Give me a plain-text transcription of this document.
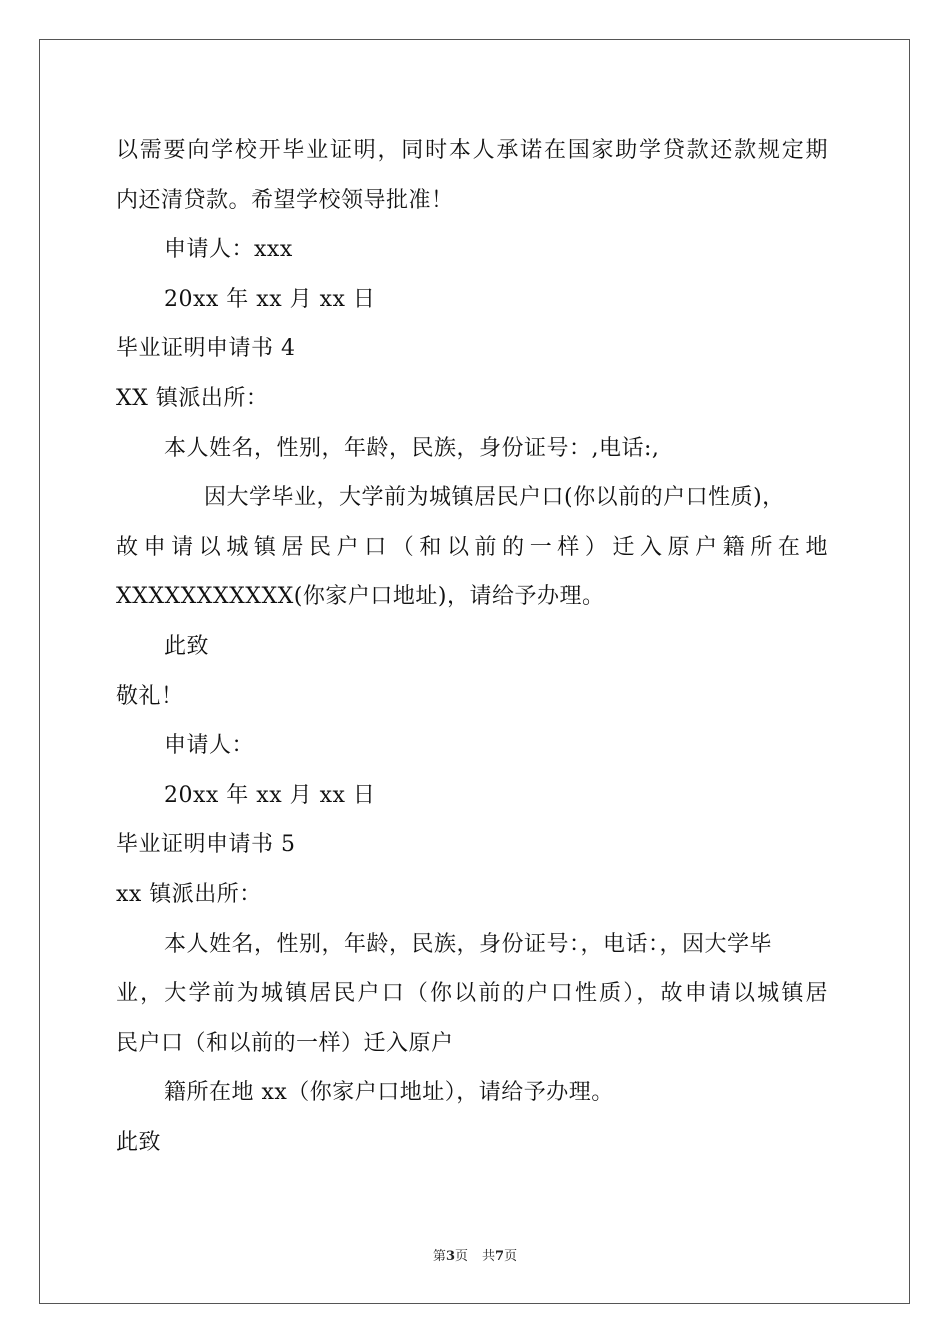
以需要向学校开毕业证明，同时本人承诺在国家助学贷款还款规定期
内还清贷款。希望学校领导批准！
申请人：xxx
20xx 年 xx 月 xx 日
毕业证明申请书 4
XX 镇派出所：
本人姓名，性别，年龄，民族，身份证号：,电话:,
因大学毕业，大学前为城镇居民户口(你以前的户口性质)，
故申请以城镇居民户口（和以前的一样）迁入原户籍所在地
XXXXXXXXXXX(你家户口地址)，请给予办理。
此致
敬礼！
申请人：
20xx 年 xx 月 xx 日
毕业证明申请书 5
xx 镇派出所：
本人姓名，性别，年龄，民族，身份证号：，电话：，因大学毕
业，大学前为城镇居民户口（你以前的户口性质），故申请以城镇居
民户口（和以前的一样）迁入原户
籍所在地 xx（你家户口地址），请给予办理。
此致
第3页 共7页
